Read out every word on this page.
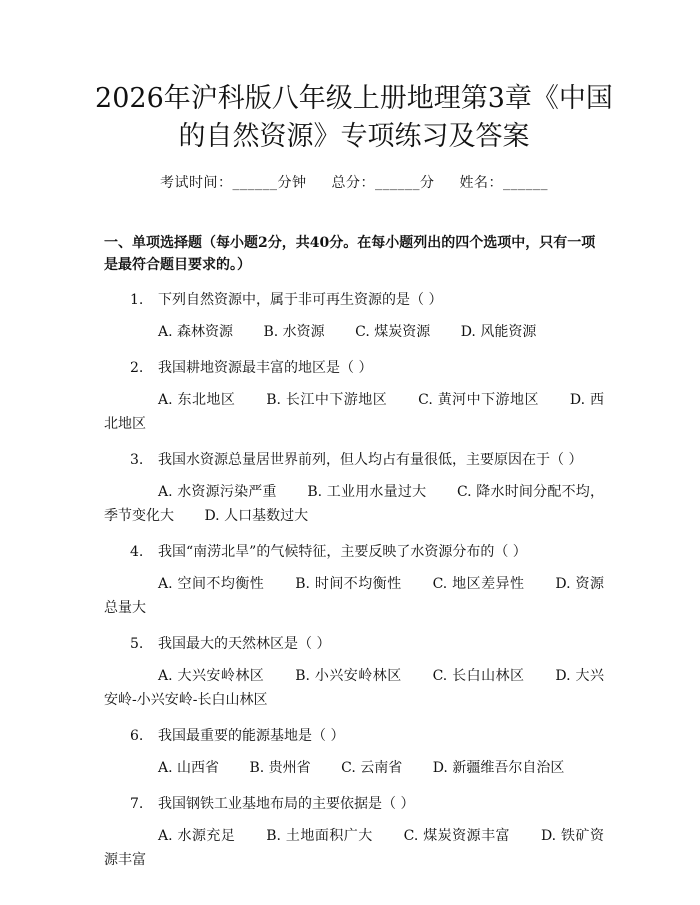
2026年沪科版八年级上册地理第3章《中国的自然资源》专项练习及答案
考试时间：______分钟 总分：______分 姓名：______
一、单项选择题（每小题2分，共40分。在每小题列出的四个选项中，只有一项是最符合题目要求的。）
1. 下列自然资源中，属于非可再生资源的是（ ）
A. 森林资源 B. 水资源 C. 煤炭资源 D. 风能资源
2. 我国耕地资源最丰富的地区是（ ）
A. 东北地区 B. 长江中下游地区 C. 黄河中下游地区 D. 西北地区
3. 我国水资源总量居世界前列，但人均占有量很低，主要原因在于（ ）
A. 水资源污染严重 B. 工业用水量过大 C. 降水时间分配不均，季节变化大 D. 人口基数过大
4. 我国“南涝北旱”的气候特征，主要反映了水资源分布的（ ）
A. 空间不均衡性 B. 时间不均衡性 C. 地区差异性 D. 资源总量大
5. 我国最大的天然林区是（ ）
A. 大兴安岭林区 B. 小兴安岭林区 C. 长白山林区 D. 大兴安岭-小兴安岭-长白山林区
6. 我国最重要的能源基地是（ ）
A. 山西省 B. 贵州省 C. 云南省 D. 新疆维吾尔自治区
7. 我国钢铁工业基地布局的主要依据是（ ）
A. 水源充足 B. 土地面积广大 C. 煤炭资源丰富 D. 铁矿资源丰富
